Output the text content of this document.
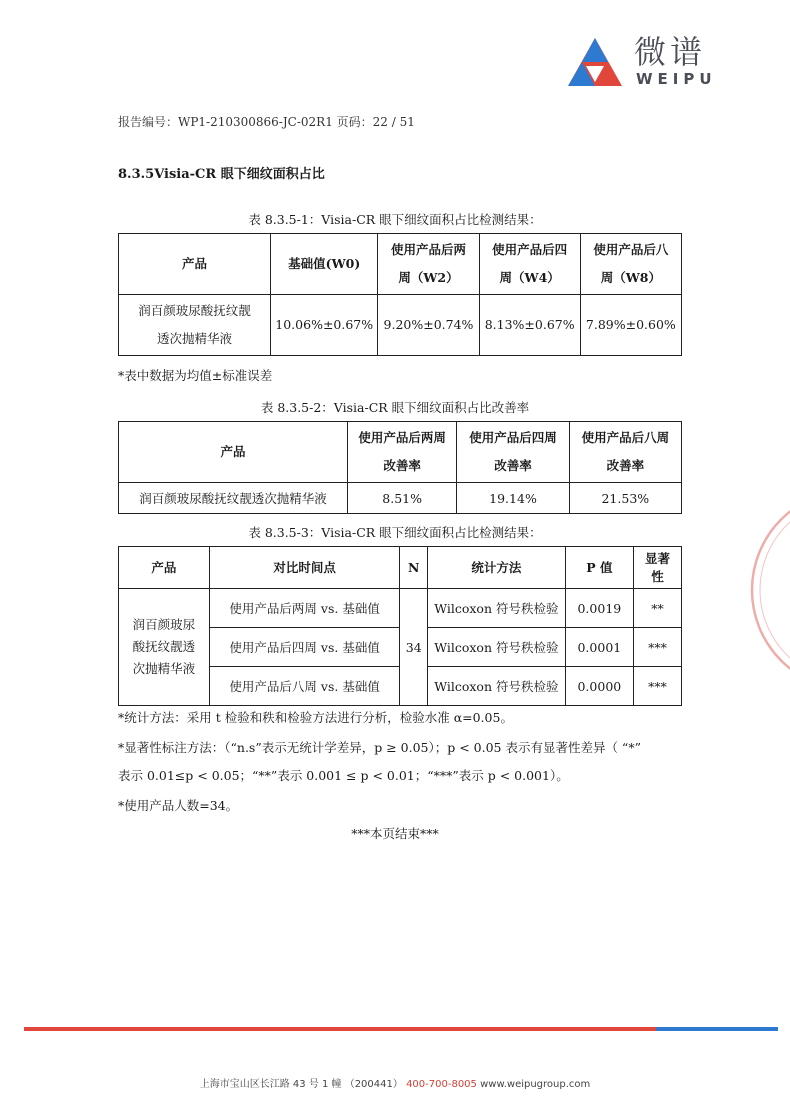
微谱
WEIPU
报告编号：WP1-210300866-JC-02R1 页码：22 / 51
8.3.5Visia-CR 眼下细纹面积占比
表 8.3.5-1：Visia-CR 眼下细纹面积占比检测结果：
产品	基础值(W0)	使用产品后两周（W2）	使用产品后四周（W4）	使用产品后八周（W8）
润百颜玻尿酸抚纹靓透次抛精华液	10.06%±0.67%	9.20%±0.74%	8.13%±0.67%	7.89%±0.60%
*表中数据为均值±标准误差
表 8.3.5-2：Visia-CR 眼下细纹面积占比改善率
产品	使用产品后两周改善率	使用产品后四周改善率	使用产品后八周改善率
润百颜玻尿酸抚纹靓透次抛精华液	8.51%	19.14%	21.53%
表 8.3.5-3：Visia-CR 眼下细纹面积占比检测结果：
产品	对比时间点	N	统计方法	P 值	显著性
润百颜玻尿酸抚纹靓透次抛精华液	使用产品后两周 vs. 基础值	34	Wilcoxon 符号秩检验	0.0019	**
	使用产品后四周 vs. 基础值		Wilcoxon 符号秩检验	0.0001	***
	使用产品后八周 vs. 基础值		Wilcoxon 符号秩检验	0.0000	***
*统计方法：采用 t 检验和秩和检验方法进行分析，检验水准 α=0.05。
*显著性标注方法：（“n.s”表示无统计学差异，p ≥ 0.05）；p < 0.05 表示有显著性差异（ “*”
表示 0.01≤p < 0.05；“**”表示 0.001 ≤ p < 0.01；“***”表示 p < 0.001）。
*使用产品人数=34。
***本页结束***
上海市宝山区长江路 43 号 1 幢 （200441） 400-700-8005 www.weipugroup.com
